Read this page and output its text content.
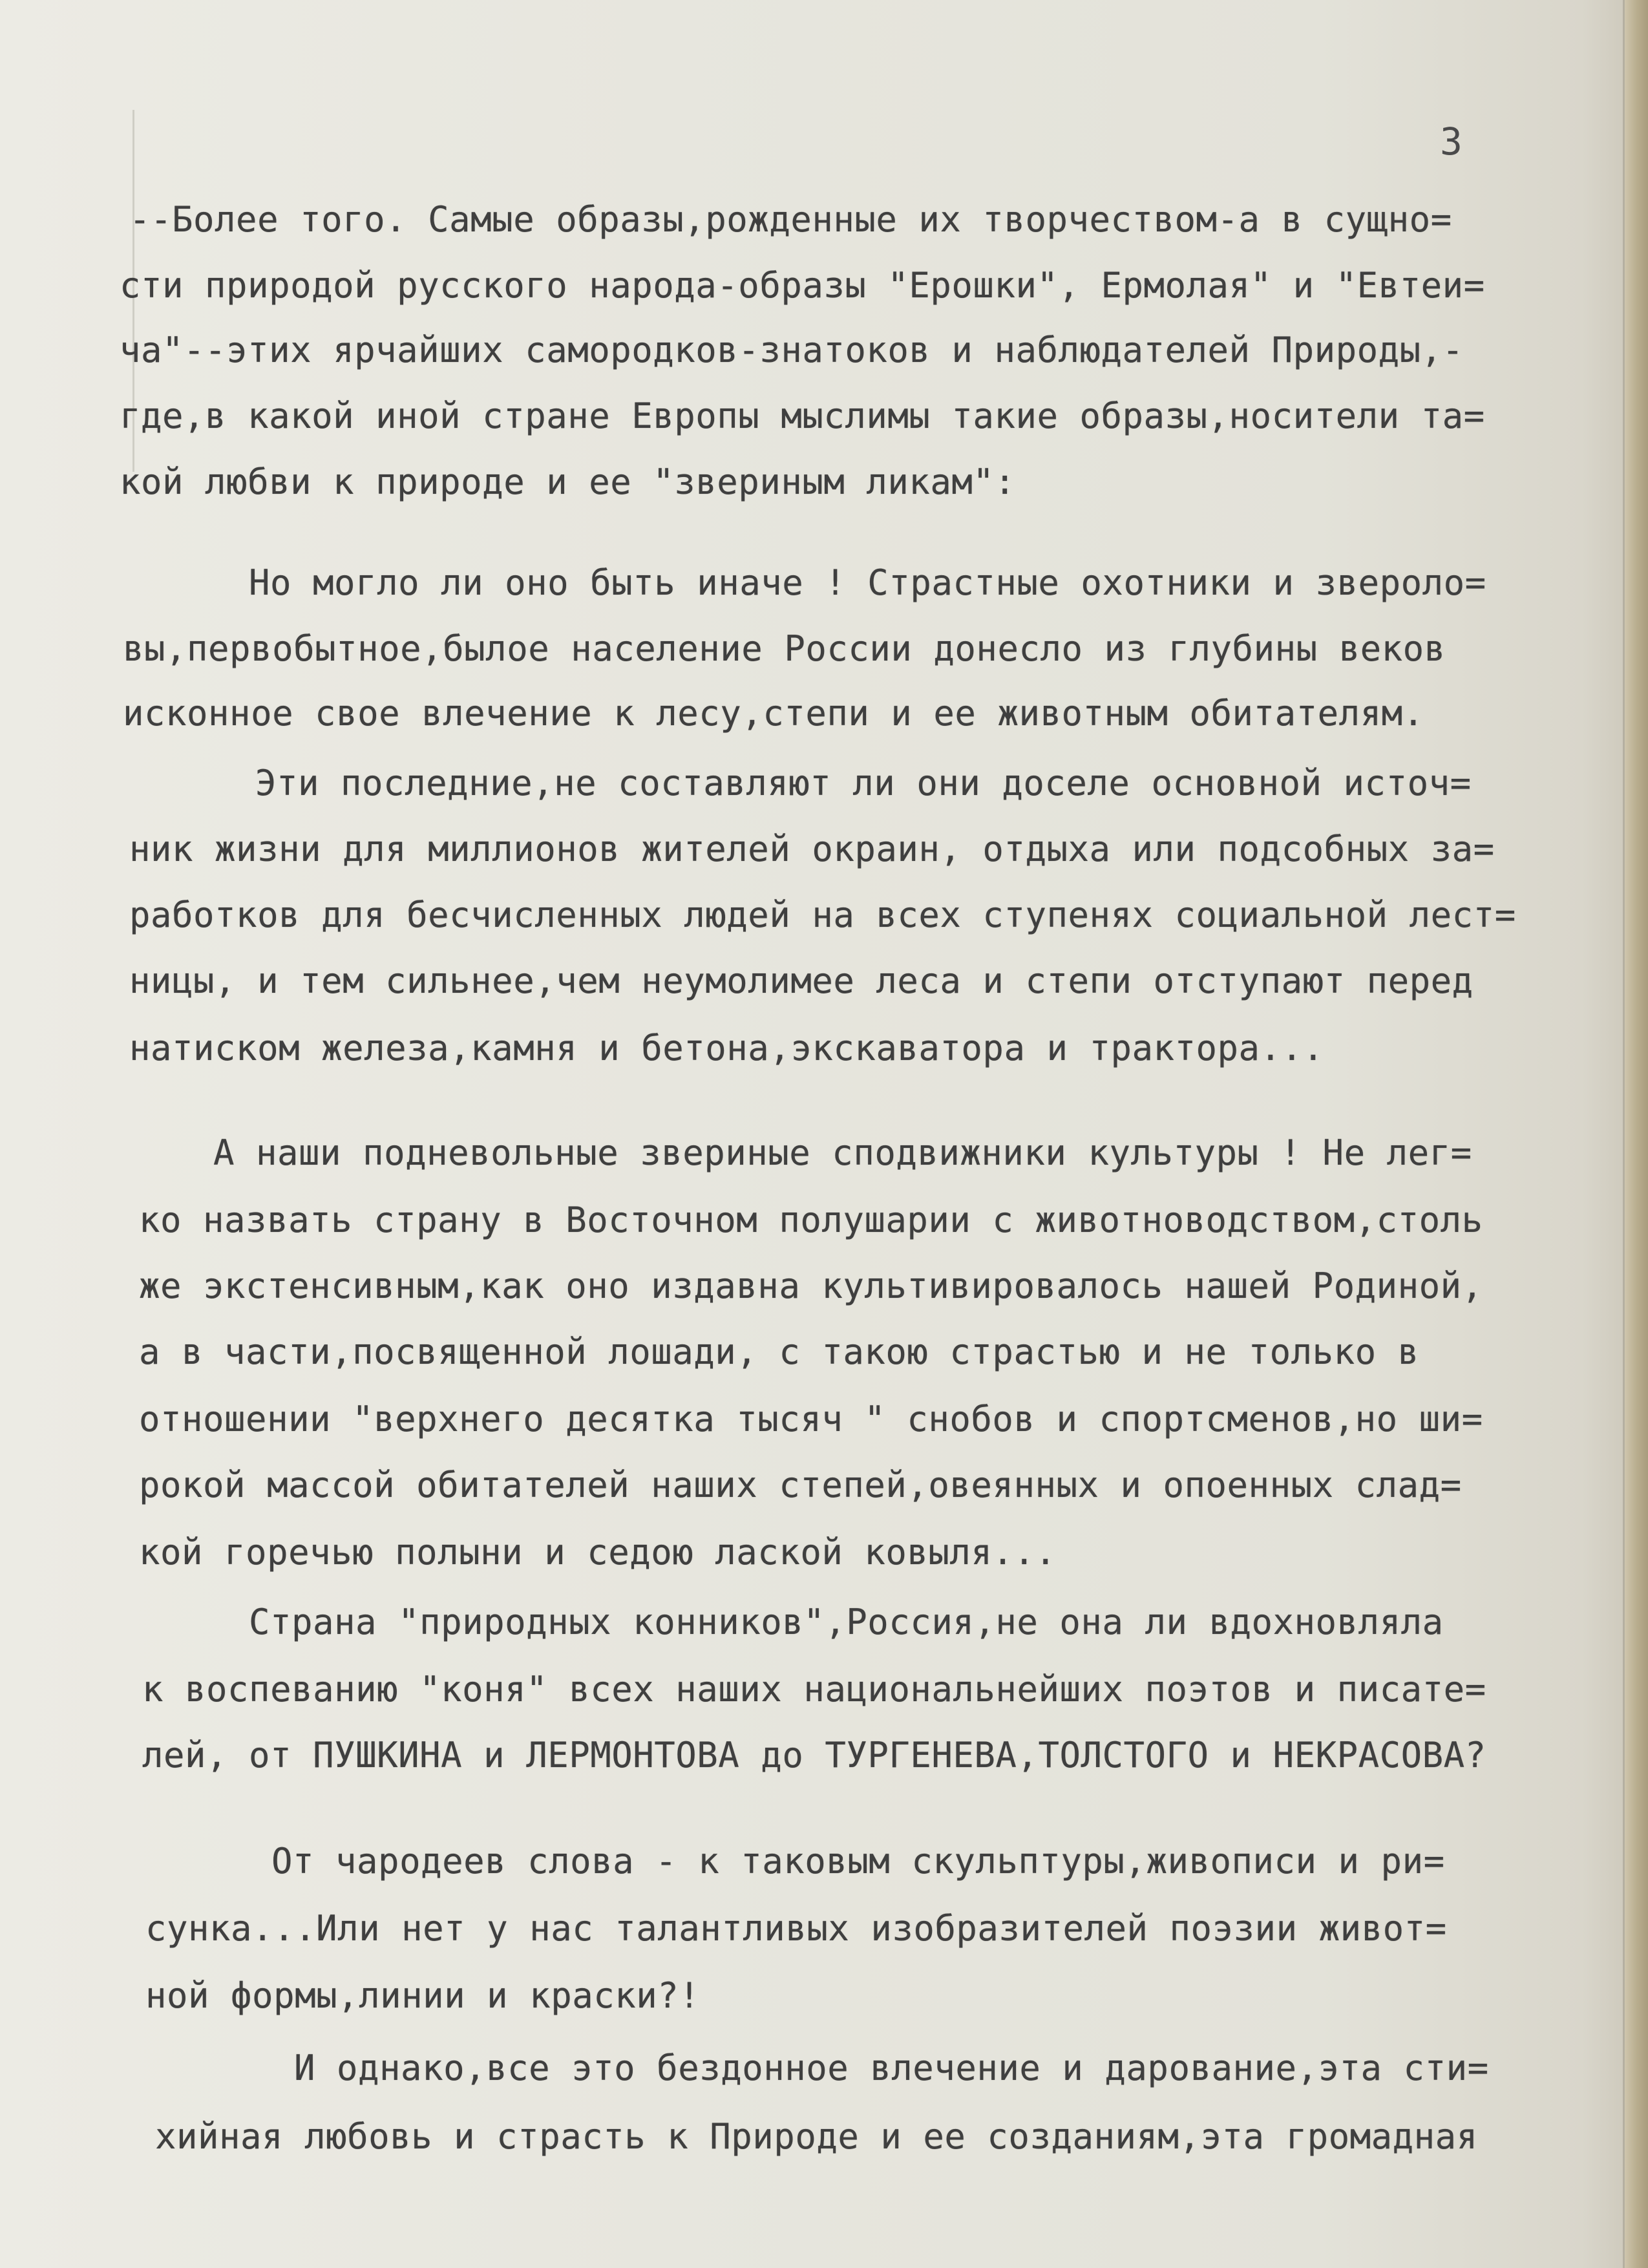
3
--Более того. Самые образы,рожденные их творчеством-а в сущно=
сти природой русского народа-образы "Ерошки", Ермолая" и "Евтеи=
ча"--этих ярчайших самородков-знатоков и наблюдателей Природы,-
где,в какой иной стране Европы мыслимы такие образы,носители та=
кой любви к природе и ее "звериным ликам":
Но могло ли оно быть иначе ! Страстные охотники и звероло=
вы,первобытное,былое население России донесло из глубины веков
исконное свое влечение к лесу,степи и ее животным обитателям.
Эти последние,не составляют ли они доселе основной источ=
ник жизни для миллионов жителей окраин, отдыха или подсобных за=
работков для бесчисленных людей на всех ступенях социальной лест=
ницы, и тем сильнее,чем неумолимее леса и степи отступают перед
натиском железа,камня и бетона,экскаватора и трактора...
А наши подневольные звериные сподвижники культуры ! Не лег=
ко назвать страну в Восточном полушарии с животноводством,столь
же экстенсивным,как оно издавна культивировалось нашей Родиной,
а в части,посвященной лошади, с такою страстью и не только в
отношении "верхнего десятка тысяч " снобов и спортсменов,но ши=
рокой массой обитателей наших степей,овеянных и опоенных слад=
кой горечью полыни и седою лаской ковыля...
Страна "природных конников",Россия,не она ли вдохновляла
к воспеванию "коня" всех наших национальнейших поэтов и писате=
лей, от ПУШКИНА и ЛЕРМОНТОВА до ТУРГЕНЕВА,ТОЛСТОГО и НЕКРАСОВА?
От чародеев слова - к таковым скульптуры,живописи и ри=
сунка...Или нет у нас талантливых изобразителей поэзии живот=
ной формы,линии и краски?!
И однако,все это бездонное влечение и дарование,эта сти=
хийная любовь и страсть к Природе и ее созданиям,эта громадная
